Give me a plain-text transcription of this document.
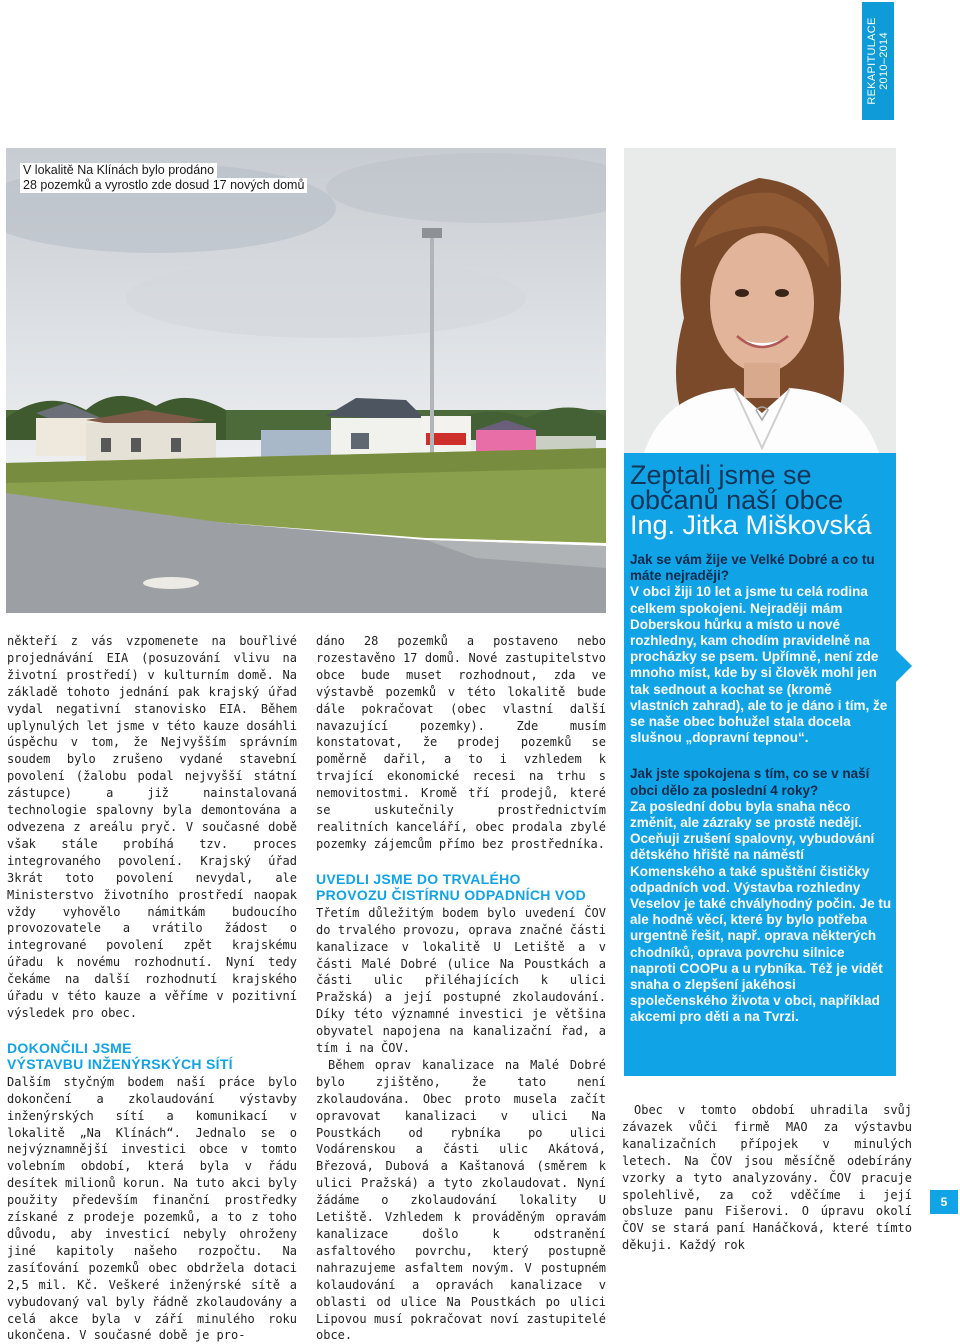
REKAPITULACE 2010–2014
V lokalitě Na Klínách bylo prodáno
28 pozemků a vyrostlo zde dosud 17 nových domů
Zeptali jsme se
občanů naší obce
Ing. Jitka Miškovská
Jak se vám žije ve Velké Dobré a co tu máte nejraději?
V obci žiji 10 let a jsme tu celá rodina celkem spokojeni. Nejraději mám Doberskou hůrku a místo u nové rozhledny, kam chodím pravidelně na procházky se psem. Upřímně, není zde mnoho míst, kde by si člověk mohl jen tak sednout a kochat se (kromě vlastních zahrad), ale to je dáno i tím, že se naše obec bohužel stala docela slušnou „dopravní tepnou“.
Jak jste spokojena s tím, co se v naší obci dělo za poslední 4 roky?
Za poslední dobu byla snaha něco změnit, ale zázraky se prostě nedějí. Oceňuji zrušení spalovny, vybudování dětského hřiště na náměstí Komenského a také spuštění čističky odpadních vod. Výstavba rozhledny Veselov je také chvályhodný počin. Je tu ale hodně věcí, které by bylo potřeba urgentně řešit, např. oprava některých chodníků, oprava povrchu silnice naproti COOPu a u rybníka. Též je vidět snaha o zlepšení jakéhosi společenského života v obci, například akcemi pro děti a na Tvrzi.

někteří z vás vzpomenete na bouřlivé projednávání EIA (posuzování vlivu na životní prostředí) v kulturním domě. Na základě tohoto jednání pak krajský úřad vydal negativní stanovisko EIA. Během uplynulých let jsme v této kauze dosáhli úspěchu v tom, že Nejvyšším správním soudem bylo zrušeno vydané stavební povolení (žalobu podal nejvyšší státní zástupce) a již nainstalovaná technologie spalovny byla demontována a odvezena z areálu pryč. V současné době však stále probíhá tzv. proces integrovaného povolení. Krajský úřad 3krát toto povolení nevydal, ale Ministerstvo životního prostředí naopak vždy vyhovělo námitkám budoucího provozovatele a vrátilo žádost o integrované povolení zpět krajskému úřadu k novému rozhodnutí. Nyní tedy čekáme na další rozhodnutí krajského úřadu v této kauze a věříme v pozitivní výsledek pro obec.

DOKONČILI JSME
VÝSTAVBU INŽENÝRSKÝCH SÍTÍ

Dalším styčným bodem naší práce bylo dokončení a zkolaudování výstavby inženýrských sítí a komunikací v lokalitě „Na Klínách“. Jednalo se o nejvýznamnější investici obce v tomto volebním období, která byla v řádu desítek milionů korun. Na tuto akci byly použity především finanční prostředky získané z prodeje pozemků, a to z toho důvodu, aby investicí nebyly ohroženy jiné kapitoly našeho rozpočtu. Na zasíťování pozemků obec obdržela dotaci 2,5 mil. Kč. Veškeré inženýrské sítě a vybudovaný val byly řádně zkolaudovány a celá akce byla v září minulého roku ukončena. V současné době je pro-

dáno 28 pozemků a postaveno nebo rozestavěno 17 domů. Nové zastupitelstvo obce bude muset rozhodnout, zda ve výstavbě pozemků v této lokalitě bude dále pokračovat (obec vlastní další navazující pozemky). Zde musím konstatovat, že prodej pozemků se poměrně dařil, a to i vzhledem k trvající ekonomické recesi na trhu s nemovitostmi. Kromě tří prodejů, které se uskutečnily prostřednictvím realitních kanceláří, obec prodala zbylé pozemky zájemcům přímo bez prostředníka.

UVEDLI JSME DO TRVALÉHO
PROVOZU ČISTÍRNU ODPADNÍCH VOD

Třetím důležitým bodem bylo uvedení ČOV do trvalého provozu, oprava značné části kanalizace v lokalitě U Letiště a v části Malé Dobré (ulice Na Poustkách a části ulic přiléhajících k ulici Pražská) a její postupné zkolaudování. Díky této významné investici je většina obyvatel napojena na kanalizační řad, a tím i na ČOV.

Během oprav kanalizace na Malé Dobré bylo zjištěno, že tato není zkolaudována. Obec proto musela začít opravovat kanalizaci v ulici Na Poustkách od rybníka po ulici Vodárenskou a části ulic Akátová, Březová, Dubová a Kaštanová (směrem k ulici Pražská) a tyto zkolaudovat. Nyní žádáme o zkolaudování lokality U Letiště. Vzhledem k prováděným opravám kanalizace došlo k odstranění asfaltového povrchu, který postupně nahrazujeme asfaltem novým. V postupném kolaudování a opravách kanalizace v oblasti od ulice Na Poustkách po ulici Lipovou musí pokračovat noví zastupitelé obce.

Obec v tomto období uhradila svůj závazek vůči firmě MAO za výstavbu kanalizačních přípojek v minulých letech. Na ČOV jsou měsíčně odebírány vzorky a tyto analyzovány. ČOV pracuje spolehlivě, za což vděčíme i její obsluze panu Fišerovi. O úpravu okolí ČOV se stará paní Hanáčková, které tímto děkuji. Každý rok

5
